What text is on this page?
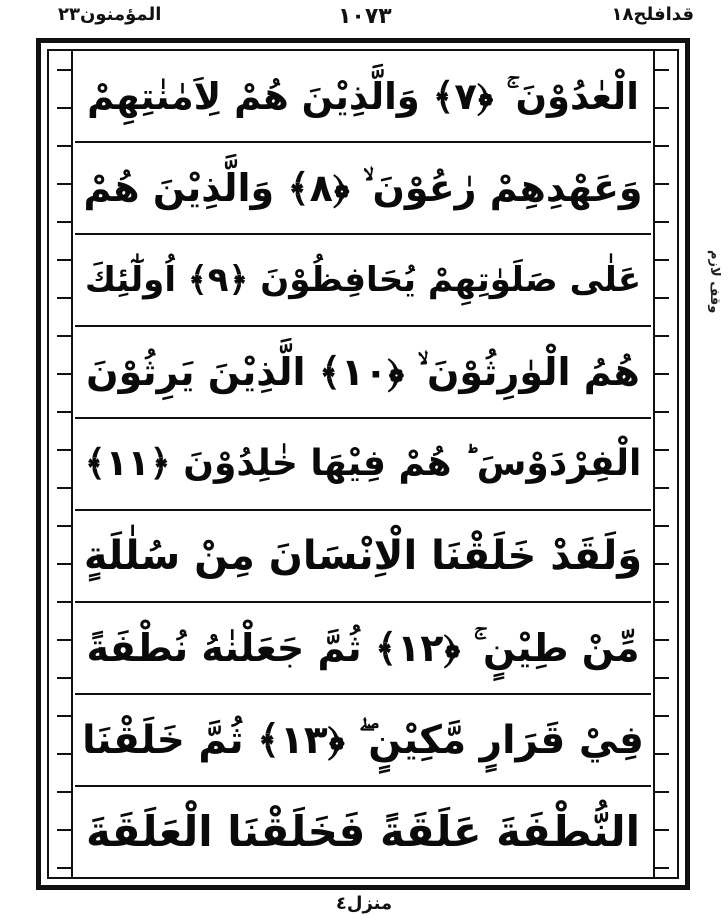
المؤمنون٢٣	١٠٧٣	قدافلح١٨
الْعٰدُوْنَ ۚ ﴿٧﴾ وَالَّذِيْنَ هُمْ لِاَمٰنٰتِهِمْ
وَعَهْدِهِمْ رٰعُوْنَ ۙ ﴿٨﴾ وَالَّذِيْنَ هُمْ
عَلٰى صَلَوٰتِهِمْ يُحَافِظُوْنَ ﴿٩﴾ اُولٰٓئِكَ
هُمُ الْوٰرِثُوْنَ ۙ ﴿١٠﴾ الَّذِيْنَ يَرِثُوْنَ
الْفِرْدَوْسَ ؕ هُمْ فِيْهَا خٰلِدُوْنَ ﴿١١﴾
وَلَقَدْ خَلَقْنَا الْاِنْسَانَ مِنْ سُلٰلَةٍ
مِّنْ طِيْنٍ ۚ ﴿١٢﴾ ثُمَّ جَعَلْنٰهُ نُطْفَةً
فِيْ قَرَارٍ مَّكِيْنٍ ۖ ﴿١٣﴾ ثُمَّ خَلَقْنَا
النُّطْفَةَ عَلَقَةً فَخَلَقْنَا الْعَلَقَةَ
وقف لازم
منزل٤
